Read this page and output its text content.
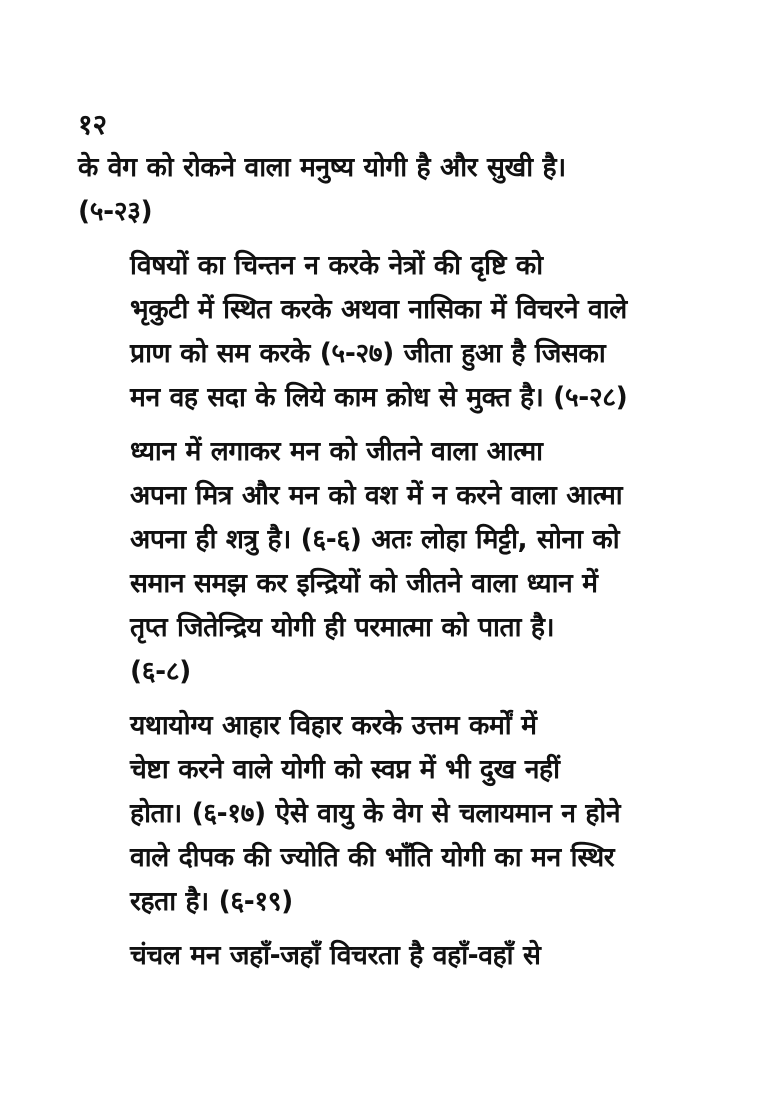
१२

के वेग को रोकने वाला मनुष्य योगी है और सुखी है।
(५-२३)

विषयों का चिन्तन न करके नेत्रों की दृष्टि को
भृकुटी में स्थित करके अथवा नासिका में विचरने वाले
प्राण को सम करके (५-२७) जीता हुआ है जिसका
मन वह सदा के लिये काम क्रोध से मुक्त है। (५-२८)

ध्यान में लगाकर मन को जीतने वाला आत्मा
अपना मित्र और मन को वश में न करने वाला आत्मा
अपना ही शत्रु है। (६-६) अतः लोहा मिट्टी, सोना को
समान समझ कर इन्द्रियों को जीतने वाला ध्यान में
तृप्त जितेन्द्रिय योगी ही परमात्मा को पाता है।
(६-८)

यथायोग्य आहार विहार करके उत्तम कर्मों में
चेष्टा करने वाले योगी को स्वप्न में भी दुख नहीं
होता। (६-१७) ऐसे वायु के वेग से चलायमान न होने
वाले दीपक की ज्योति की भाँति योगी का मन स्थिर
रहता है। (६-१९)

चंचल मन जहाँ-जहाँ विचरता है वहाँ-वहाँ से
